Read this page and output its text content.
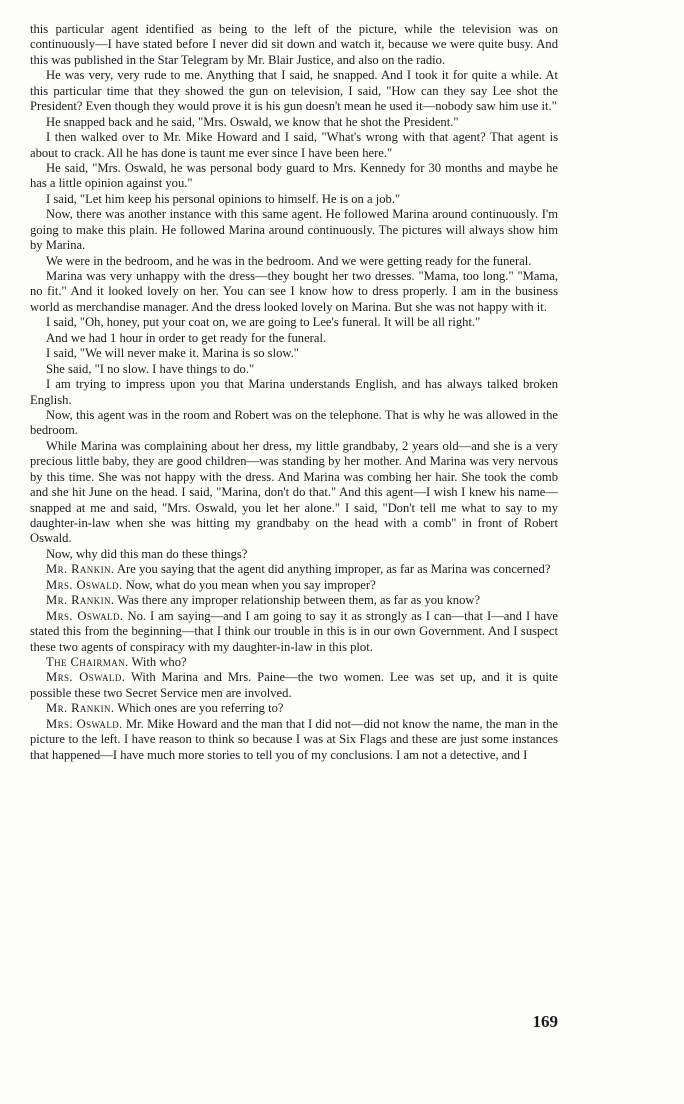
this particular agent identified as being to the left of the picture, while the television was on continuously—I have stated before I never did sit down and watch it, because we were quite busy. And this was published in the Star Telegram by Mr. Blair Justice, and also on the radio.

He was very, very rude to me. Anything that I said, he snapped. And I took it for quite a while. At this particular time that they showed the gun on television, I said, "How can they say Lee shot the President? Even though they would prove it is his gun doesn't mean he used it—nobody saw him use it."

He snapped back and he said, "Mrs. Oswald, we know that he shot the President."

I then walked over to Mr. Mike Howard and I said, "What's wrong with that agent? That agent is about to crack. All he has done is taunt me ever since I have been here."

He said, "Mrs. Oswald, he was personal body guard to Mrs. Kennedy for 30 months and maybe he has a little opinion against you."

I said, "Let him keep his personal opinions to himself. He is on a job."

Now, there was another instance with this same agent. He followed Marina around continuously. I'm going to make this plain. He followed Marina around continuously. The pictures will always show him by Marina.

We were in the bedroom, and he was in the bedroom. And we were getting ready for the funeral.

Marina was very unhappy with the dress—they bought her two dresses. "Mama, too long." "Mama, no fit." And it looked lovely on her. You can see I know how to dress properly. I am in the business world as merchandise manager. And the dress looked lovely on Marina. But she was not happy with it.

I said, "Oh, honey, put your coat on, we are going to Lee's funeral. It will be all right."

And we had 1 hour in order to get ready for the funeral.

I said, "We will never make it. Marina is so slow."

She said, "I no slow. I have things to do."

I am trying to impress upon you that Marina understands English, and has always talked broken English.

Now, this agent was in the room and Robert was on the telephone. That is why he was allowed in the bedroom.

While Marina was complaining about her dress, my little grandbaby, 2 years old—and she is a very precious little baby, they are good children—was standing by her mother. And Marina was very nervous by this time. She was not happy with the dress. And Marina was combing her hair. She took the comb and she hit June on the head. I said, "Marina, don't do that." And this agent—I wish I knew his name—snapped at me and said, "Mrs. Oswald, you let her alone." I said, "Don't tell me what to say to my daughter-in-law when she was hitting my grandbaby on the head with a comb" in front of Robert Oswald.

Now, why did this man do these things?

Mr. Rankin. Are you saying that the agent did anything improper, as far as Marina was concerned?

Mrs. Oswald. Now, what do you mean when you say improper?

Mr. Rankin. Was there any improper relationship between them, as far as you know?

Mrs. Oswald. No. I am saying—and I am going to say it as strongly as I can—that I—and I have stated this from the beginning—that I think our trouble in this is in our own Government. And I suspect these two agents of conspiracy with my daughter-in-law in this plot.

The Chairman. With who?

Mrs. Oswald. With Marina and Mrs. Paine—the two women. Lee was set up, and it is quite possible these two Secret Service men are involved.

Mr. Rankin. Which ones are you referring to?

Mrs. Oswald. Mr. Mike Howard and the man that I did not—did not know the name, the man in the picture to the left. I have reason to think so because I was at Six Flags and these are just some instances that happened—I have much more stories to tell you of my conclusions. I am not a detective, and I

169
